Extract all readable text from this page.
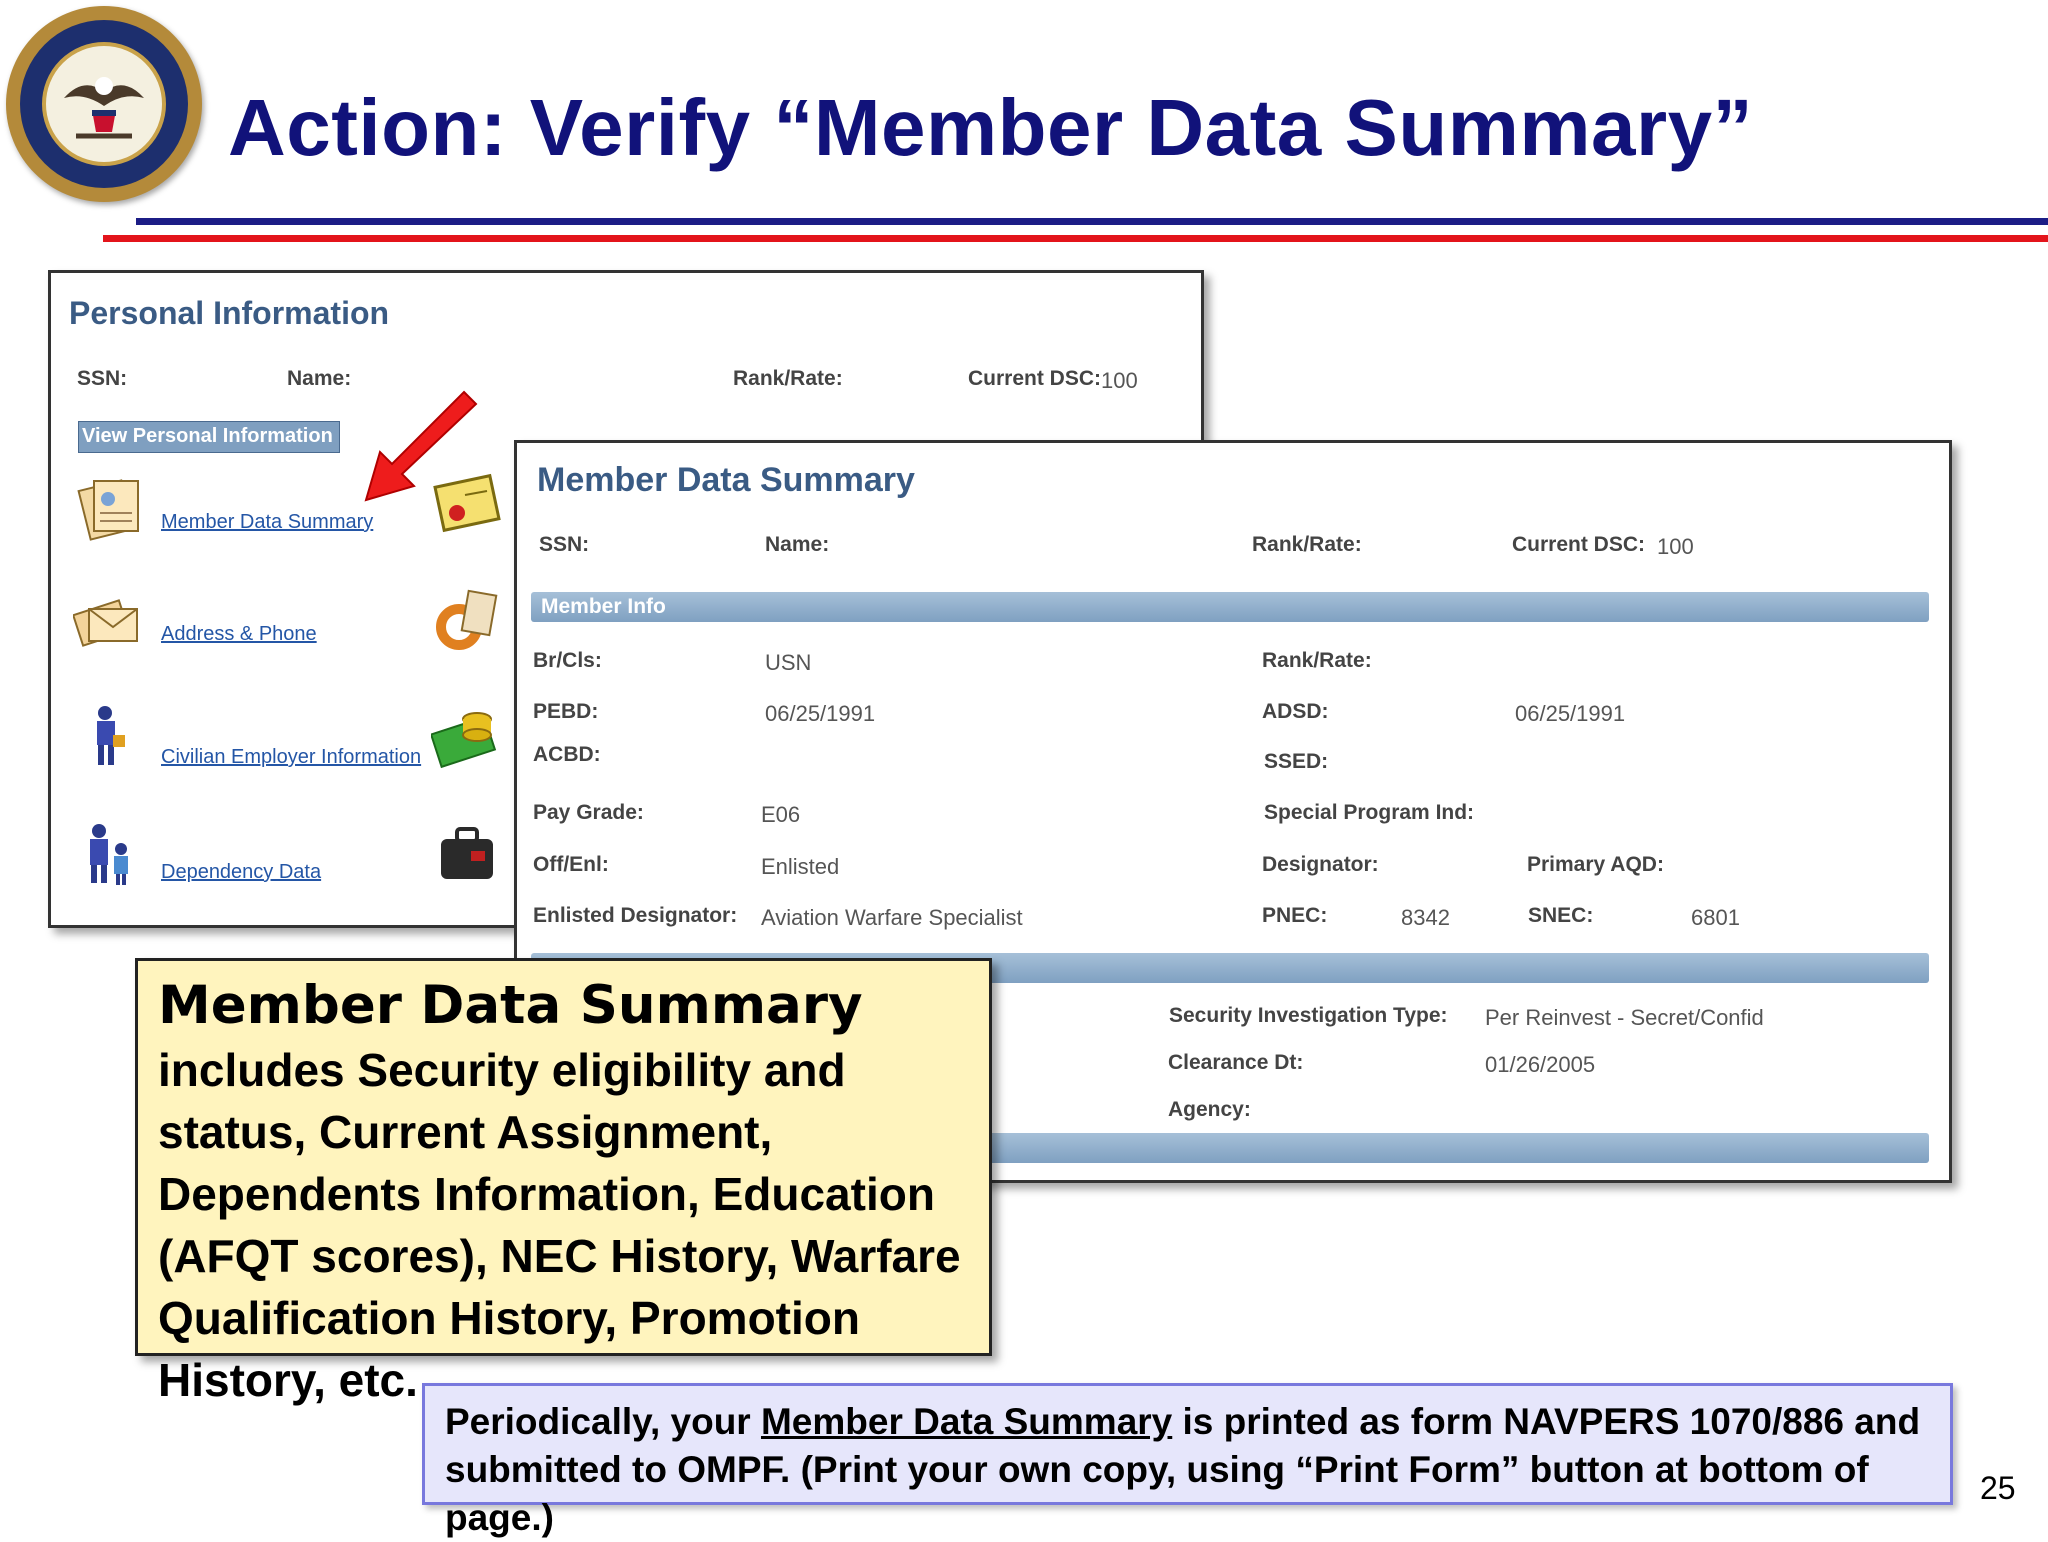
Action: Verify “Member Data Summary”
Personal Information
SSN:	Name:	Rank/Rate:	Current DSC: 100
View Personal Information
Member Data Summary
Address & Phone
Civilian Employer Information
Dependency Data
Member Data Summary
SSN:	Name:	Rank/Rate:	Current DSC: 100
Member Info
Br/Cls:	USN	Rank/Rate:
PEBD:	06/25/1991	ADSD:	06/25/1991
ACBD:	SSED:
Pay Grade:	E06	Special Program Ind:
Off/Enl:	Enlisted	Designator:	Primary AQD:
Enlisted Designator: Aviation Warfare Specialist	PNEC:	8342	SNEC:	6801
Security Investigation Type: Per Reinvest - Secret/Confid
Clearance Dt:	01/26/2005
Agency:
Member Data Summary
includes Security eligibility and status, Current Assignment, Dependents Information, Education (AFQT scores), NEC History, Warfare Qualification History, Promotion History, etc.
Periodically, your Member Data Summary is printed as form NAVPERS 1070/886 and submitted to OMPF. (Print your own copy, using “Print Form” button at bottom of page.)
25
